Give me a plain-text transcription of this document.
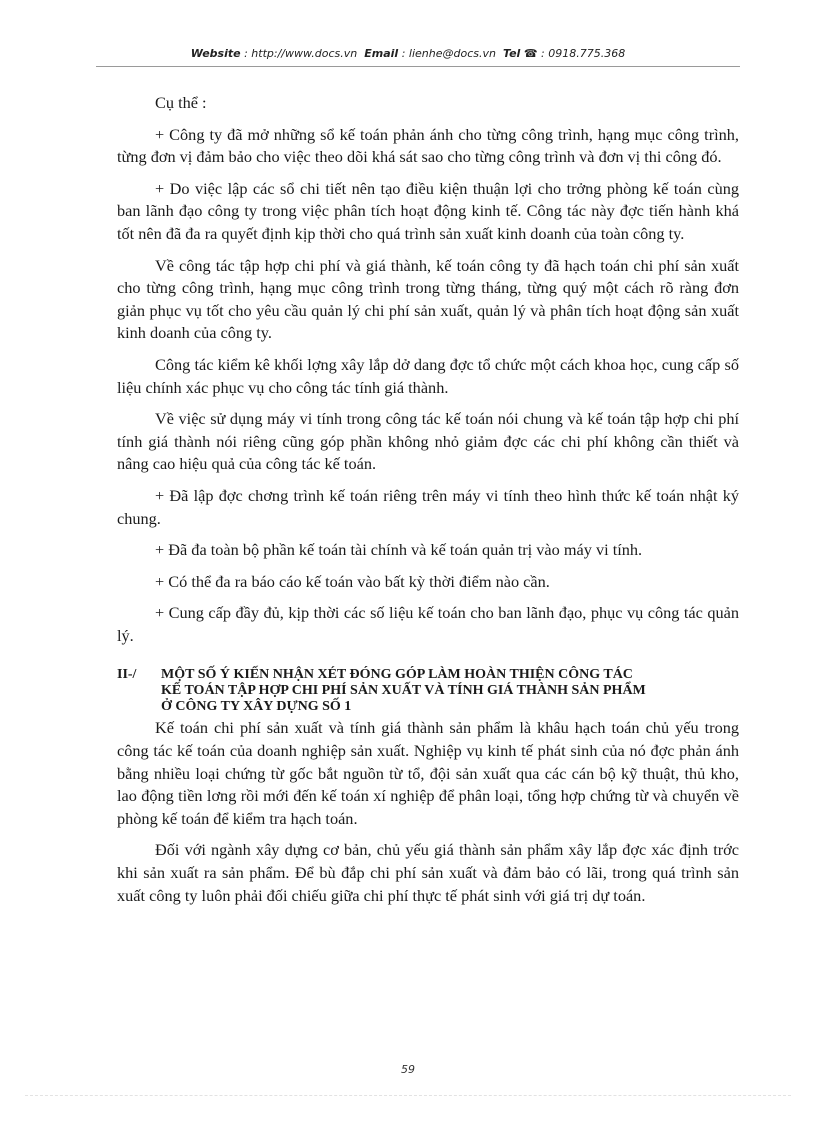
Website : http://www.docs.vn Email : lienhe@docs.vn Tel ☎ : 0918.775.368

Cụ thể :

+ Công ty đã mở những sổ kế toán phản ánh cho từng công trình, hạng mục công trình, từng đơn vị đảm bảo cho việc theo dõi khá sát sao cho từng công trình và đơn vị thi công đó.

+ Do việc lập các sổ chi tiết nên tạo điều kiện thuận lợi cho trởng phòng kế toán cùng ban lãnh đạo công ty trong việc phân tích hoạt động kinh tế. Công tác này đợc tiến hành khá tốt nên đã đa ra quyết định kịp thời cho quá trình sản xuất kinh doanh của toàn công ty.

Về công tác tập hợp chi phí và giá thành, kế toán công ty đã hạch toán chi phí sản xuất cho từng công trình, hạng mục công trình trong từng tháng, từng quý một cách rõ ràng đơn giản phục vụ tốt cho yêu cầu quản lý chi phí sản xuất, quản lý và phân tích hoạt động sản xuất kinh doanh của công ty.

Công tác kiểm kê khối lợng xây lắp dở dang đợc tổ chức một cách khoa học, cung cấp số liệu chính xác phục vụ cho công tác tính giá thành.

Về việc sử dụng máy vi tính trong công tác kế toán nói chung và kế toán tập hợp chi phí tính giá thành nói riêng cũng góp phần không nhỏ giảm đợc các chi phí không cần thiết và nâng cao hiệu quả của công tác kế toán.

+ Đã lập đợc chơng trình kế toán riêng trên máy vi tính theo hình thức kế toán nhật ký chung.

+ Đã đa toàn bộ phần kế toán tài chính và kế toán quản trị vào máy vi tính.

+ Có thể đa ra báo cáo kế toán vào bất kỳ thời điểm nào cần.

+ Cung cấp đầy đủ, kịp thời các số liệu kế toán cho ban lãnh đạo, phục vụ công tác quản lý.

II-/	MỘT SỐ Ý KIẾN NHẬN XÉT ĐÓNG GÓP LÀM HOÀN THIỆN CÔNG TÁC
KẾ TOÁN TẬP HỢP CHI PHÍ SẢN XUẤT VÀ TÍNH GIÁ THÀNH SẢN PHẨM
Ở CÔNG TY XÂY DỰNG SỐ 1

Kế toán chi phí sản xuất và tính giá thành sản phẩm là khâu hạch toán chủ yếu trong công tác kế toán của doanh nghiệp sản xuất. Nghiệp vụ kinh tế phát sinh của nó đợc phản ánh bằng nhiều loại chứng từ gốc bắt nguồn từ tổ, đội sản xuất qua các cán bộ kỹ thuật, thủ kho, lao động tiền lơng rồi mới đến kế toán xí nghiệp để phân loại, tổng hợp chứng từ và chuyển về phòng kế toán để kiểm tra hạch toán.

Đối với ngành xây dựng cơ bản, chủ yếu giá thành sản phẩm xây lắp đợc xác định trớc khi sản xuất ra sản phẩm. Để bù đắp chi phí sản xuất và đảm bảo có lãi, trong quá trình sản xuất công ty luôn phải đối chiếu giữa chi phí thực tế phát sinh với giá trị dự toán.

59
